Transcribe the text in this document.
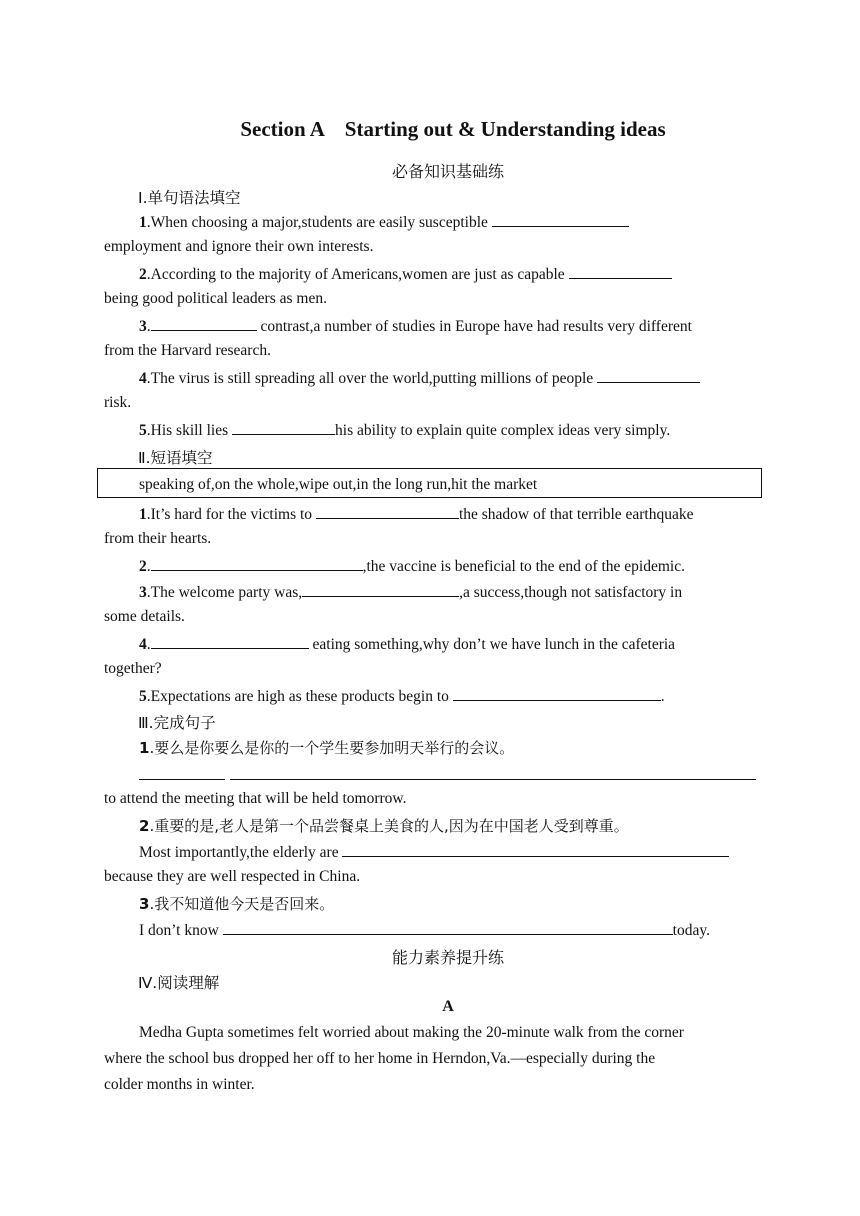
Section A    Starting out & Understanding ideas
必备知识基础练
Ⅰ.单句语法填空
1.When choosing a major,students are easily susceptible
employment and ignore their own interests.
2.According to the majority of Americans,women are just as capable
being good political leaders as men.
3.	contrast,a number of studies in Europe have had results very different
from the Harvard research.
4.The virus is still spreading all over the world,putting millions of people
risk.
5.His skill lies	his ability to explain quite complex ideas very simply.
Ⅱ.短语填空
speaking of,on the whole,wipe out,in the long run,hit the market
1.It’s hard for the victims to	the shadow of that terrible earthquake
from their hearts.
2.	,the vaccine is beneficial to the end of the epidemic.
3.The welcome party was,	,a success,though not satisfactory in
some details.
4.	eating something,why don’t we have lunch in the cafeteria
together?
5.Expectations are high as these products begin to	.
Ⅲ.完成句子
1.要么是你要么是你的一个学生要参加明天举行的会议。
to attend the meeting that will be held tomorrow.
2.重要的是,老人是第一个品尝餐桌上美食的人,因为在中国老人受到尊重。
Most importantly,the elderly are
because they are well respected in China.
3.我不知道他今天是否回来。
I don’t know	today.
能力素养提升练
Ⅳ.阅读理解
A
Medha Gupta sometimes felt worried about making the 20-minute walk from the corner
where the school bus dropped her off to her home in Herndon,Va.—especially during the
colder months in winter.
